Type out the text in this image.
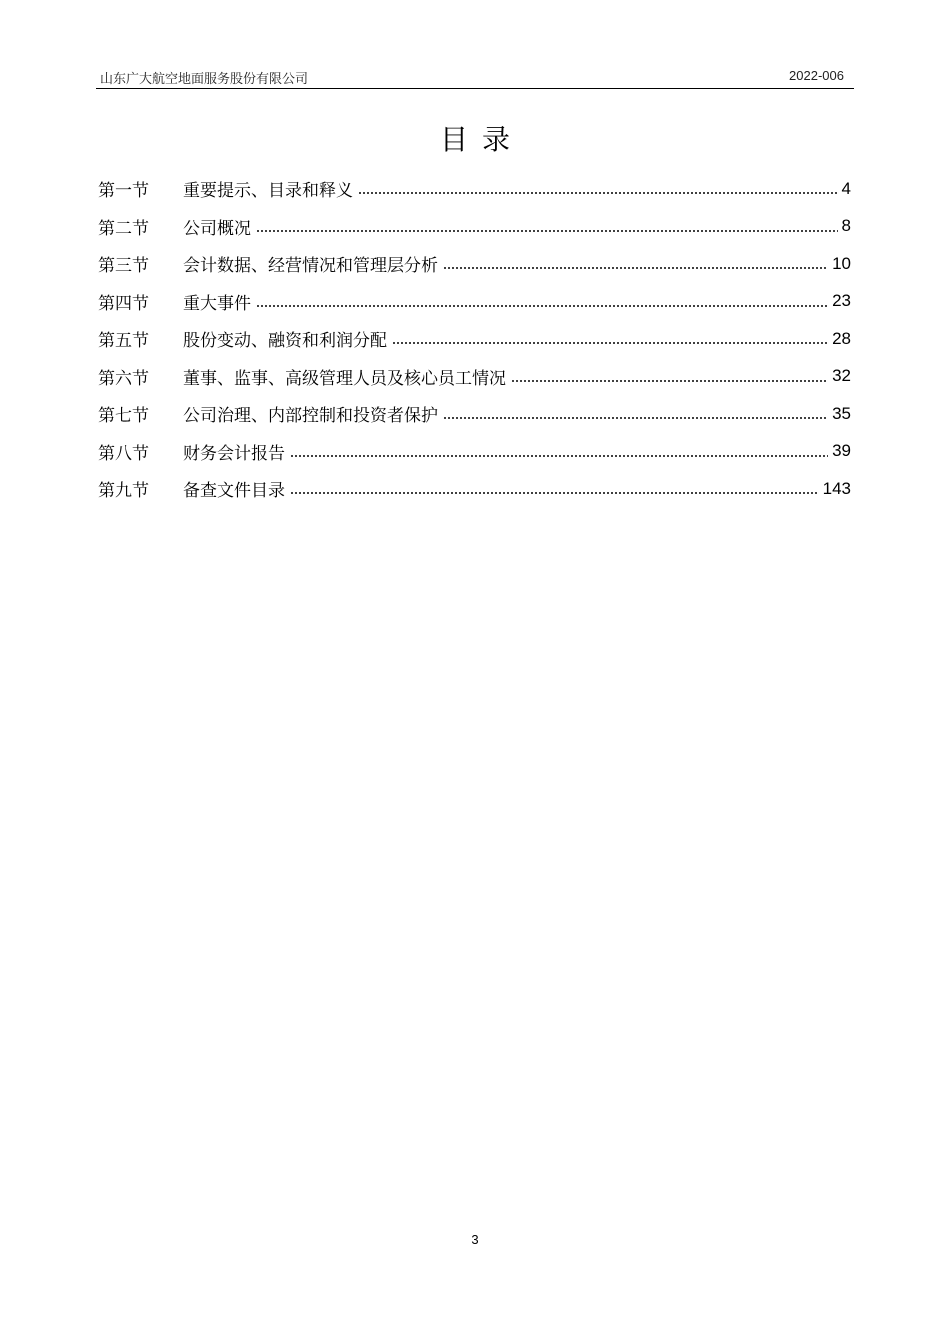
山东广大航空地面服务股份有限公司	2022-006
目录
第一节	重要提示、目录和释义	4
第二节	公司概况	8
第三节	会计数据、经营情况和管理层分析	10
第四节	重大事件	23
第五节	股份变动、融资和利润分配	28
第六节	董事、监事、高级管理人员及核心员工情况	32
第七节	公司治理、内部控制和投资者保护	35
第八节	财务会计报告	39
第九节	备查文件目录	143
3
